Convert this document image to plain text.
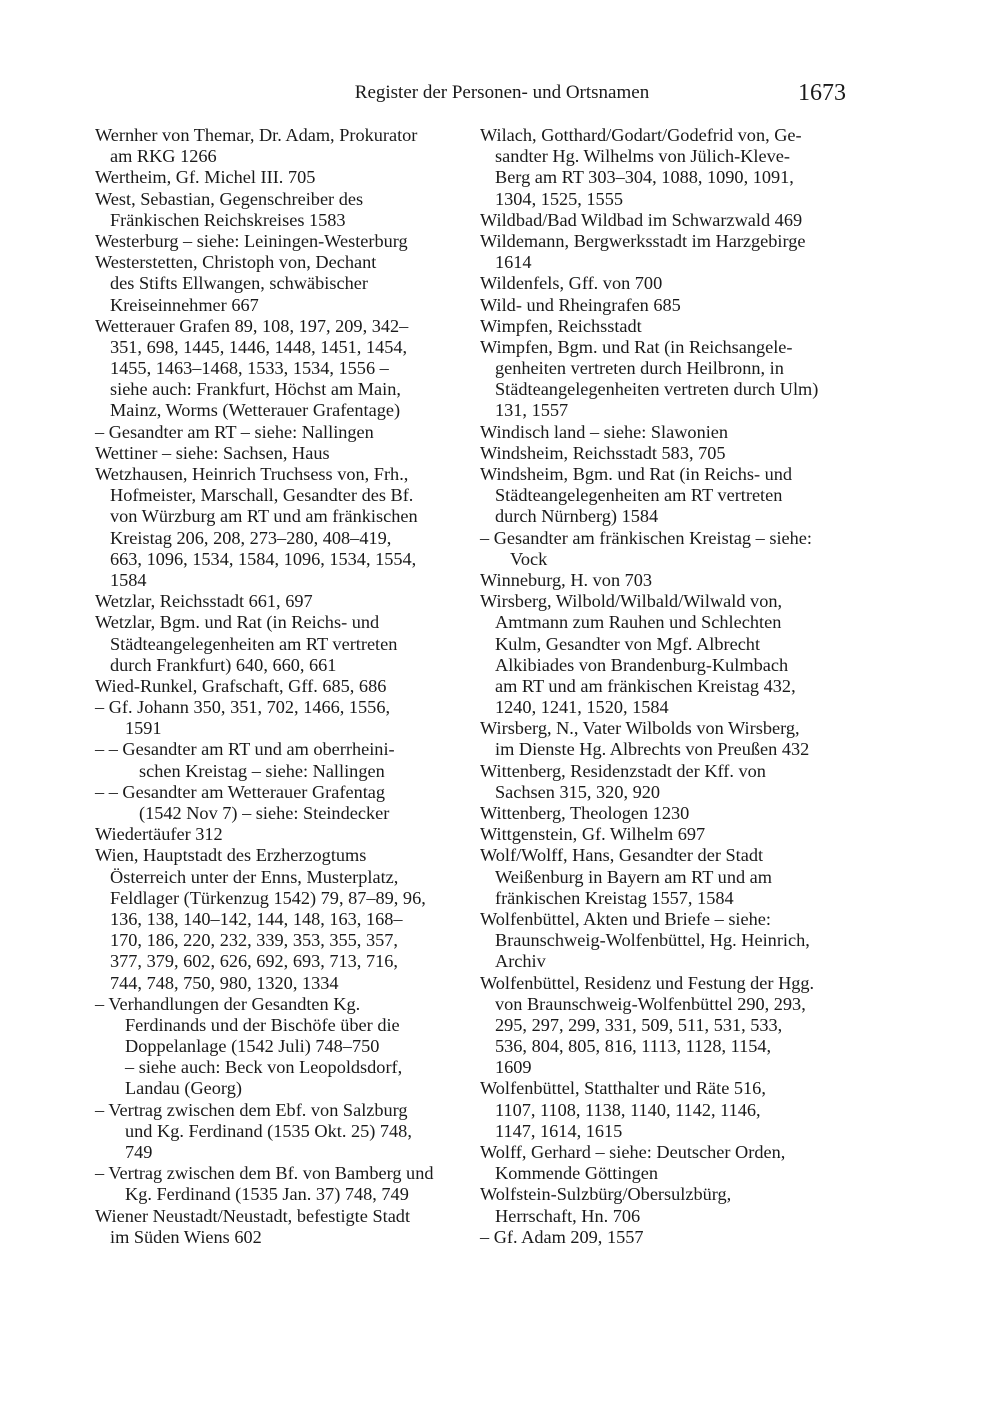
Register der Personen- und Ortsnamen	1673
Wernher von Themar, Dr. Adam, Prokurator
am RKG 1266
Wertheim, Gf. Michel III. 705
West, Sebastian, Gegenschreiber des
Fränkischen Reichskreises 1583
Westerburg – siehe: Leiningen-Westerburg
Westerstetten, Christoph von, Dechant
des Stifts Ellwangen, schwäbischer
Kreiseinnehmer 667
Wetterauer Grafen 89, 108, 197, 209, 342–
351, 698, 1445, 1446, 1448, 1451, 1454,
1455, 1463–1468, 1533, 1534, 1556 –
siehe auch: Frankfurt, Höchst am Main,
Mainz, Worms (Wetterauer Grafentage)
– Gesandter am RT – siehe: Nallingen
Wettiner – siehe: Sachsen, Haus
Wetzhausen, Heinrich Truchsess von, Frh.,
Hofmeister, Marschall, Gesandter des Bf.
von Würzburg am RT und am fränkischen
Kreistag 206, 208, 273–280, 408–419,
663, 1096, 1534, 1584, 1096, 1534, 1554,
1584
Wetzlar, Reichsstadt 661, 697
Wetzlar, Bgm. und Rat (in Reichs- und
Städteangelegenheiten am RT vertreten
durch Frankfurt) 640, 660, 661
Wied-Runkel, Grafschaft, Gff. 685, 686
– Gf. Johann 350, 351, 702, 1466, 1556,
1591
– – Gesandter am RT und am oberrheini-
schen Kreistag – siehe: Nallingen
– – Gesandter am Wetterauer Grafentag
(1542 Nov 7) – siehe: Steindecker
Wiedertäufer 312
Wien, Hauptstadt des Erzherzogtums
Österreich unter der Enns, Musterplatz,
Feldlager (Türkenzug 1542) 79, 87–89, 96,
136, 138, 140–142, 144, 148, 163, 168–
170, 186, 220, 232, 339, 353, 355, 357,
377, 379, 602, 626, 692, 693, 713, 716,
744, 748, 750, 980, 1320, 1334
– Verhandlungen der Gesandten Kg.
Ferdinands und der Bischöfe über die
Doppelanlage (1542 Juli) 748–750
– siehe auch: Beck von Leopoldsdorf,
Landau (Georg)
– Vertrag zwischen dem Ebf. von Salzburg
und Kg. Ferdinand (1535 Okt. 25) 748,
749
– Vertrag zwischen dem Bf. von Bamberg und
Kg. Ferdinand (1535 Jan. 37) 748, 749
Wiener Neustadt/Neustadt, befestigte Stadt
im Süden Wiens 602
Wilach, Gotthard/Godart/Godefrid von, Ge-
sandter Hg. Wilhelms von Jülich-Kleve-
Berg am RT 303–304, 1088, 1090, 1091,
1304, 1525, 1555
Wildbad/Bad Wildbad im Schwarzwald 469
Wildemann, Bergwerksstadt im Harzgebirge
1614
Wildenfels, Gff. von 700
Wild- und Rheingrafen 685
Wimpfen, Reichsstadt
Wimpfen, Bgm. und Rat (in Reichsangele-
genheiten vertreten durch Heilbronn, in
Städteangelegenheiten vertreten durch Ulm)
131, 1557
Windisch land – siehe: Slawonien
Windsheim, Reichsstadt 583, 705
Windsheim, Bgm. und Rat (in Reichs- und
Städteangelegenheiten am RT vertreten
durch Nürnberg) 1584
– Gesandter am fränkischen Kreistag – siehe:
Vock
Winneburg, H. von 703
Wirsberg, Wilbold/Wilbald/Wilwald von,
Amtmann zum Rauhen und Schlechten
Kulm, Gesandter von Mgf. Albrecht
Alkibiades von Brandenburg-Kulmbach
am RT und am fränkischen Kreistag 432,
1240, 1241, 1520, 1584
Wirsberg, N., Vater Wilbolds von Wirsberg,
im Dienste Hg. Albrechts von Preußen 432
Wittenberg, Residenzstadt der Kff. von
Sachsen 315, 320, 920
Wittenberg, Theologen 1230
Wittgenstein, Gf. Wilhelm 697
Wolf/Wolff, Hans, Gesandter der Stadt
Weißenburg in Bayern am RT und am
fränkischen Kreistag 1557, 1584
Wolfenbüttel, Akten und Briefe – siehe:
Braunschweig-Wolfenbüttel, Hg. Heinrich,
Archiv
Wolfenbüttel, Residenz und Festung der Hgg.
von Braunschweig-Wolfenbüttel 290, 293,
295, 297, 299, 331, 509, 511, 531, 533,
536, 804, 805, 816, 1113, 1128, 1154,
1609
Wolfenbüttel, Statthalter und Räte 516,
1107, 1108, 1138, 1140, 1142, 1146,
1147, 1614, 1615
Wolff, Gerhard – siehe: Deutscher Orden,
Kommende Göttingen
Wolfstein-Sulzbürg/Obersulzbürg,
Herrschaft, Hn. 706
– Gf. Adam 209, 1557
